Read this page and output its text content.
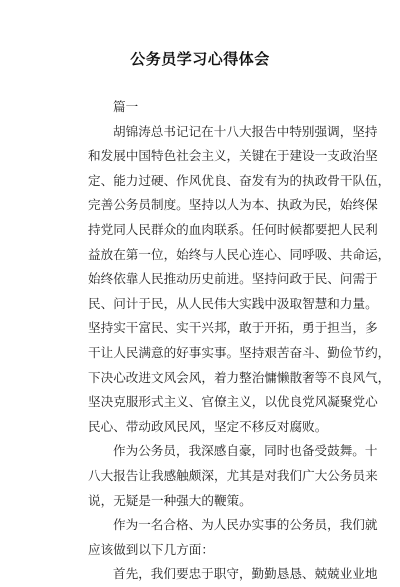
公务员学习心得体会
篇一
胡锦涛总书记记在十八大报告中特别强调，坚持
和发展中国特色社会主义，关键在于建设一支政治坚
定、能力过硬、作风优良、奋发有为的执政骨干队伍，
完善公务员制度。坚持以人为本、执政为民，始终保
持党同人民群众的血肉联系。任何时候都要把人民利
益放在第一位，始终与人民心连心、同呼吸、共命运，
始终依靠人民推动历史前进。坚持问政于民、问需于
民、问计于民，从人民伟大实践中汲取智慧和力量。
坚持实干富民、实干兴邦，敢于开拓，勇于担当，多
干让人民满意的好事实事。坚持艰苦奋斗、勤俭节约，
下决心改进文风会风，着力整治慵懒散奢等不良风气，
坚决克服形式主义、官僚主义，以优良党风凝聚党心
民心、带动政风民风，坚定不移反对腐败。
作为公务员，我深感自豪，同时也备受鼓舞。十
八大报告让我感触颇深，尤其是对我们广大公务员来
说，无疑是一种强大的鞭策。
作为一名合格、为人民办实事的公务员，我们就
应该做到以下几方面：
首先，我们要忠于职守，勤勤恳恳、兢兢业业地
